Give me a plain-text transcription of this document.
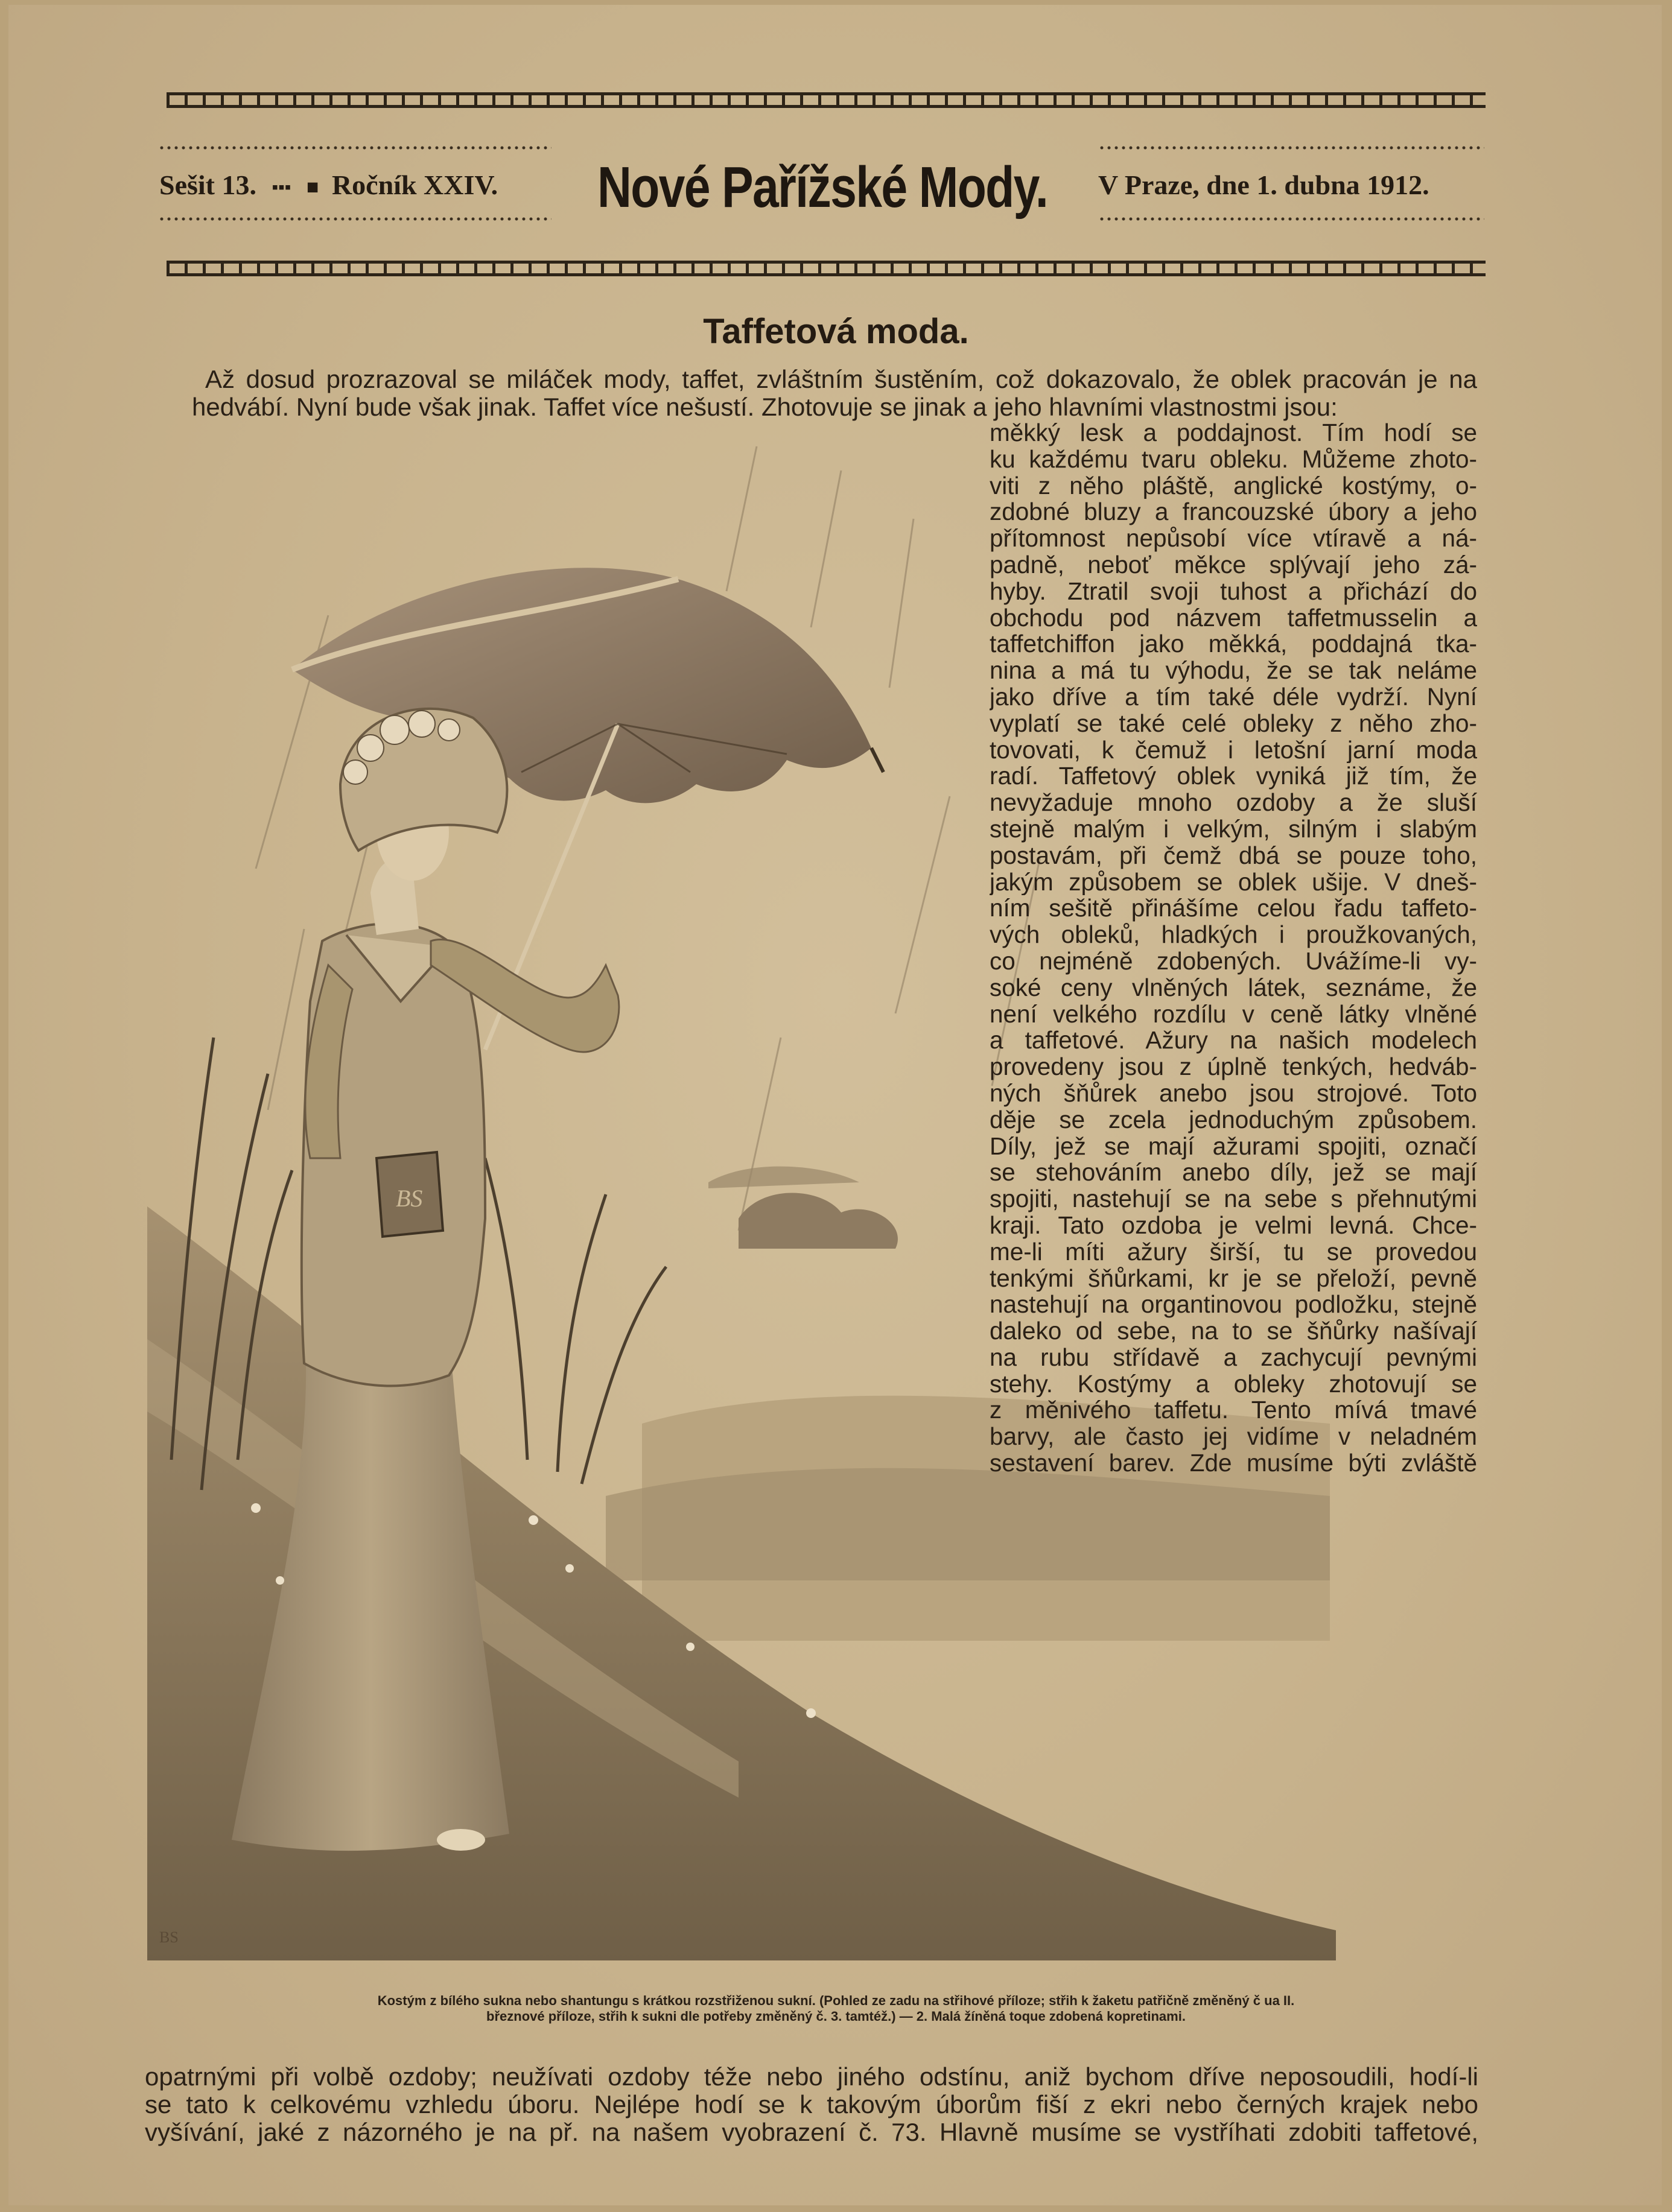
Sešit 13. ▪▪▪ ■ Ročník XXIV. Nové Pařížské Mody. V Praze, dne 1. dubna 1912.
Taffetová moda.
Až dosud prozrazoval se miláček mody, taffet, zvláštním šustěním, což dokazovalo, že oblek pracován je na hedvábí. Nyní bude však jinak. Taffet více nešustí. Zhotovuje se jinak a jeho hlavními vlastnostmi jsou:
BS
BS
měkký lesk a poddajnost. Tím hodí se
ku každému tvaru obleku. Můžeme zhoto-
viti z něho pláště, anglické kostýmy, o-
zdobné bluzy a francouzské úbory a jeho
přítomnost nepůsobí více vtíravě a ná-
padně, neboť měkce splývají jeho zá-
hyby. Ztratil svoji tuhost a přichází do
obchodu pod názvem taffetmusselin a
taffetchiffon jako měkká, poddajná tka-
nina a má tu výhodu, že se tak nelámе
jako dříve a tím také déle vydrží. Nyní
vyplatí se také celé obleky z něho zho-
tovovati, k čemuž i letošní jarní moda
radí. Taffetový oblek vyniká již tím, že
nevyžaduje mnoho ozdoby a že sluší
stejně malým i velkým, silným i slabým
postavám, při čemž dbá se pouze toho,
jakým způsobem se oblek ušije. V dneš-
ním sešitě přinášíme celou řadu taffeto-
vých obleků, hladkých i proužkovaných,
co nejméně zdobených. Uvážíme-li vy-
soké ceny vlněných látek, seznáme, že
není velkého rozdílu v ceně látky vlněné
a taffetové. Ažury na našich modelech
provedeny jsou z úplně tenkých, hedváb-
ných šňůrek anebo jsou strojové. Toto
děje se zcela jednoduchým způsobem.
Díly, jež se mají ažurami spojiti, označí
se stehováním anebo díly, jež se mají
spojiti, nastehují se na sebe s přehnutými
kraji. Tato ozdoba je velmi levná. Chce-
me-li míti ažury širší, tu se provedou
tenkými šňůrkami, kr je se přeloží, pevně
nastehují na organtinovou podložku, stejně
daleko od sebe, na to se šňůrky našívají
na rubu střídavě a zachycují pevnými
stehy. Kostýmy a obleky zhotovují se
z měnivého taffetu. Tento mívá tmavé
barvy, ale často jej vidíme v neladném
sestavení barev. Zde musíme býti zvláště
Kostým z bílého sukna nebo shantungu s krátkou rozstřiženou sukní. (Pohled ze zadu na střihové příloze; střih k žaketu patřičně změněný č ua II.
březnové příloze, střih k sukni dle potřeby změněný č. 3. tamtéž.) — 2. Malá žíněná toque zdobená kopretinami.
opatrnými při volbě ozdoby; neužívati ozdoby téže nebo jiného odstínu, aniž bychom dříve neposoudili, hodí-li
se tato k celkovému vzhledu úboru. Nejlépe hodí se k takovým úborům fiší z ekri nebo černých krajek nebo
vyšívání, jaké z názorného je na př. na našem vyobrazení č. 73. Hlavně musíme se vystříhati zdobiti taffetové,
